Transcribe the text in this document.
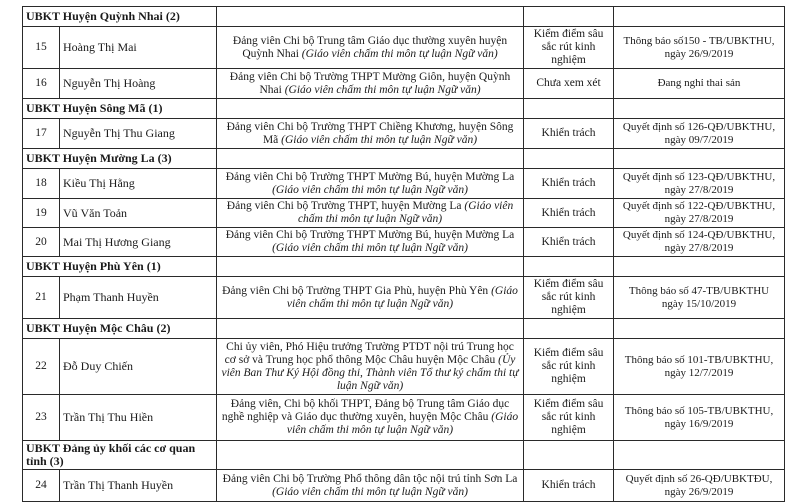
UBKT Huyện Quỳnh Nhai (2)				
15	Hoàng Thị Mai	Đảng viên Chi bộ Trung tâm Giáo dục thường xuyên huyện Quỳnh Nhai (Giáo viên chấm thi môn tự luận Ngữ văn)	Kiểm điểm sâu sắc rút kinh nghiệm	Thông báo số150 - TB/UBKTHU, ngày 26/9/2019
16	Nguyễn Thị Hoàng	Đảng viên Chi bộ Trường THPT Mường Giôn, huyện Quỳnh Nhai (Giáo viên chấm thi môn tự luận Ngữ văn)	Chưa xem xét	Đang nghỉ thai sản
UBKT Huyện Sông Mã (1)				
17	Nguyễn Thị Thu Giang	Đảng viên Chi bộ Trường THPT Chiềng Khương, huyện Sông Mã (Giáo viên chấm thi môn tự luận Ngữ văn)	Khiển trách	Quyết định số 126-QĐ/UBKTHU, ngày 09/7/2019
UBKT Huyện Mường La (3)				
18	Kiều Thị Hằng	Đảng viên Chi bộ Trường THPT Mường Bú, huyện Mường La (Giáo viên chấm thi môn tự luận Ngữ văn)	Khiển trách	Quyết định số 123-QĐ/UBKTHU, ngày 27/8/2019
19	Vũ Văn Toản	Đảng viên Chi bộ Trường THPT, huyện Mường La (Giáo viên chấm thi môn tự luận Ngữ văn)	Khiển trách	Quyết định số 122-QĐ/UBKTHU, ngày 27/8/2019
20	Mai Thị Hương Giang	Đảng viên Chi bộ Trường THPT Mường Bú, huyện Mường La (Giáo viên chấm thi môn tự luận Ngữ văn)	Khiển trách	Quyết định số 124-QĐ/UBKTHU, ngày 27/8/2019
UBKT Huyện Phù Yên (1)				
21	Phạm Thanh Huyền	Đảng viên Chi bộ Trường THPT Gia Phù, huyện Phù Yên (Giáo viên chấm thi môn tự luận Ngữ văn)	Kiểm điểm sâu sắc rút kinh nghiệm	Thông báo số 47-TB/UBKTHU ngày 15/10/2019
UBKT Huyện Mộc Châu (2)				
22	Đỗ Duy Chiến	Chi ủy viên, Phó Hiệu trưởng Trường PTDT nội trú Trung học cơ sở và Trung học phổ thông Mộc Châu huyện Mộc Châu (Ủy viên Ban Thư Ký Hội đồng thi, Thành viên Tổ thư ký chấm thi tự luận Ngữ văn)	Kiểm điểm sâu sắc rút kinh nghiệm	Thông báo số 101-TB/UBKTHU, ngày 12/7/2019
23	Trần Thị Thu Hiền	Đảng viên, Chi bộ khối THPT, Đảng bộ Trung tâm Giáo dục nghề nghiệp và Giáo dục thường xuyên, huyện Mộc Châu (Giáo viên chấm thi môn tự luận Ngữ văn)	Kiểm điểm sâu sắc rút kinh nghiệm	Thông báo số 105-TB/UBKTHU, ngày 16/9/2019
UBKT Đảng ủy khối các cơ quan tỉnh (3)				
24	Trần Thị Thanh Huyền	Đảng viên Chi bộ Trường Phổ thông dân tộc nội trú tỉnh Sơn La (Giáo viên chấm thi môn tự luận Ngữ văn)	Khiển trách	Quyết định số 26-QĐ/UBKTĐU, ngày 26/9/2019
